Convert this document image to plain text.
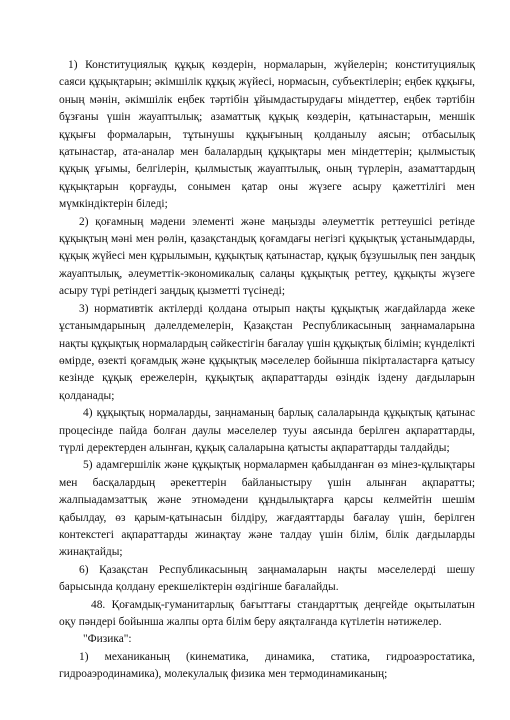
1) Конституциялық құқық көздерін, нормаларын, жүйелерін; конституциялық саяси құқықтарын; әкімшілік құқық жүйесі, нормасын, субъектілерін; еңбек құқығы, оның мәнін, әкімшілік еңбек тәртібін ұйымдастырудағы міндеттер, еңбек тәртібін бұзғаны үшін жауаптылық; азаматтық құқық көздерін, қатынастарын, меншік құқығы формаларын, тұтынушы құқығының қолданылу аясын; отбасылық қатынастар, ата-аналар мен балалардың құқықтары мен міндеттерін; қылмыстық құқық ұғымы, белгілерін, қылмыстық жауаптылық, оның түрлерін, азаматтардың құқықтарын қорғауды, сонымен қатар оны жүзеге асыру қажеттілігі мен мүмкіндіктерін біледі;

2) қоғамның мәдени элементі және маңызды әлеуметтік реттеушісі ретінде құқықтың мәні мен рөлін, қазақстандық қоғамдағы негізгі құқықтық ұстанымдарды, құқық жүйесі мен құрылымын, құқықтық қатынастар, құқық бұзушылық пен заңдық жауаптылық, әлеуметтік-экономикалық салаңы құқықтық реттеу, құқықты жүзеге асыру түрі ретіндегі заңдық қызметті түсінеді;

3) нормативтік актілерді қолдана отырып нақты құқықтық жағдайларда жеке ұстанымдарының дәлелдемелерін, Қазақстан Республикасының заңнамаларына нақты құқықтық нормалардың сәйкестігін бағалау үшін құқықтық білімін; күнделікті өмірде, өзекті қоғамдық және құқықтық мәселелер бойынша пікірталастарға қатысу кезінде құқық ережелерін, құқықтық ақпараттарды өзіндік іздену дағдыларын қолданады;

4) құқықтық нормаларды, заңнаманың барлық салаларында құқықтық қатынас процесінде пайда болған даулы мәселелер тууы аясында берілген ақпараттарды, түрлі деректерден алынған, құқық салаларына қатысты ақпараттарды талдайды;

5) адамгершілік және құқықтық нормалармен қабылданған өз мінез-құлықтары мен басқалардың әрекеттерін байланыстыру үшін алынған ақпаратты; жалпыадамзаттық және этномәдени құндылықтарға қарсы келмейтін шешім қабылдау, өз қарым-қатынасын білдіру, жағдаяттарды бағалау үшін, берілген контекстегі ақпараттарды жинақтау және талдау үшін білім, білік дағдыларды жинақтайды;

6) Қазақстан Республикасының заңнамаларын нақты мәселелерді шешу барысында қолдану ерекшеліктерін өздігінше бағалайды.

48. Қоғамдық-гуманитарлық бағыттағы стандарттық деңгейде оқытылатын оқу пәндері бойынша жалпы орта білім беру аяқталғанда күтілетін нәтижелер.

"Физика":

1) механиканың (кинематика, динамика, статика, гидроаэростатика, гидроаэродинамика), молекулалық физика мен термодинамиканың;
